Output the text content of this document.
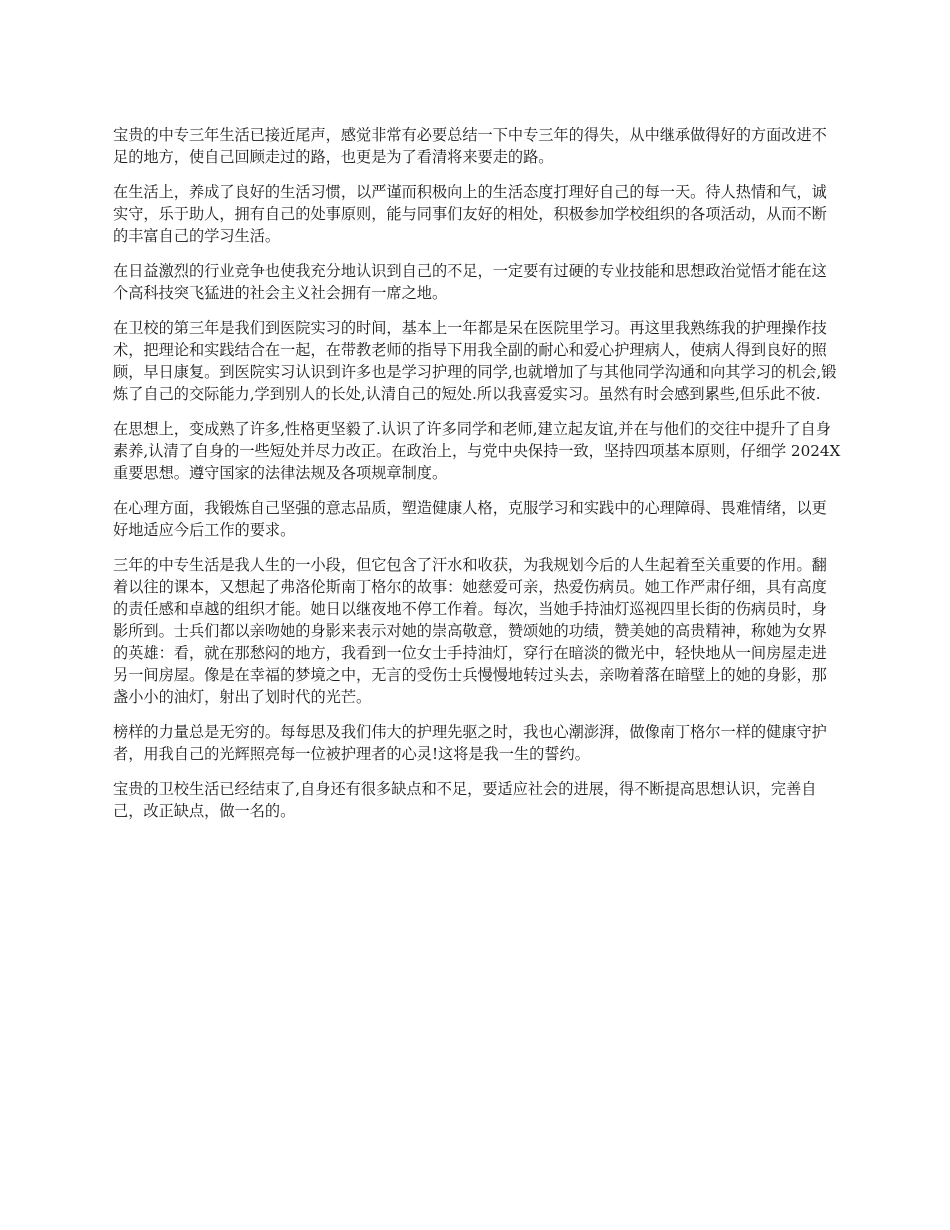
宝贵的中专三年生活已接近尾声，感觉非常有必要总结一下中专三年的得失，从中继承做得好的方面改进不足的地方，使自己回顾走过的路，也更是为了看清将来要走的路。

在生活上，养成了良好的生活习惯，以严谨而积极向上的生活态度打理好自己的每一天。待人热情和气，诚实守，乐于助人，拥有自己的处事原则，能与同事们友好的相处，积极参加学校组织的各项活动，从而不断的丰富自己的学习生活。

在日益激烈的行业竞争也使我充分地认识到自己的不足，一定要有过硬的专业技能和思想政治觉悟才能在这个高科技突飞猛进的社会主义社会拥有一席之地。

在卫校的第三年是我们到医院实习的时间，基本上一年都是呆在医院里学习。再这里我熟练我的护理操作技术，把理论和实践结合在一起，在带教老师的指导下用我全副的耐心和爱心护理病人，使病人得到良好的照顾，早日康复。到医院实习认识到许多也是学习护理的同学,也就增加了与其他同学沟通和向其学习的机会,锻炼了自己的交际能力,学到别人的长处,认清自己的短处.所以我喜爱实习。虽然有时会感到累些,但乐此不彼.

在思想上，变成熟了许多,性格更坚毅了.认识了许多同学和老师,建立起友谊,并在与他们的交往中提升了自身素养,认清了自身的一些短处并尽力改正。在政治上，与党中央保持一致，坚持四项基本原则，仔细学 2024X 重要思想。遵守国家的法律法规及各项规章制度。

在心理方面，我锻炼自己坚强的意志品质，塑造健康人格，克服学习和实践中的心理障碍、畏难情绪，以更好地适应今后工作的要求。

三年的中专生活是我人生的一小段，但它包含了汗水和收获，为我规划今后的人生起着至关重要的作用。翻着以往的课本，又想起了弗洛伦斯南丁格尔的故事：她慈爱可亲，热爱伤病员。她工作严肃仔细，具有高度的责任感和卓越的组织才能。她日以继夜地不停工作着。每次，当她手持油灯巡视四里长街的伤病员时，身影所到。士兵们都以亲吻她的身影来表示对她的崇高敬意，赞颂她的功绩，赞美她的高贵精神，称她为女界的英雄：看，就在那愁闷的地方，我看到一位女士手持油灯，穿行在暗淡的微光中，轻快地从一间房屋走进另一间房屋。像是在幸福的梦境之中，无言的受伤士兵慢慢地转过头去，亲吻着落在暗壁上的她的身影，那盏小小的油灯，射出了划时代的光芒。

榜样的力量总是无穷的。每每思及我们伟大的护理先驱之时，我也心潮澎湃，做像南丁格尔一样的健康守护者，用我自己的光辉照亮每一位被护理者的心灵!这将是我一生的誓约。

宝贵的卫校生活已经结束了,自身还有很多缺点和不足，要适应社会的进展，得不断提高思想认识，完善自己，改正缺点，做一名的。
